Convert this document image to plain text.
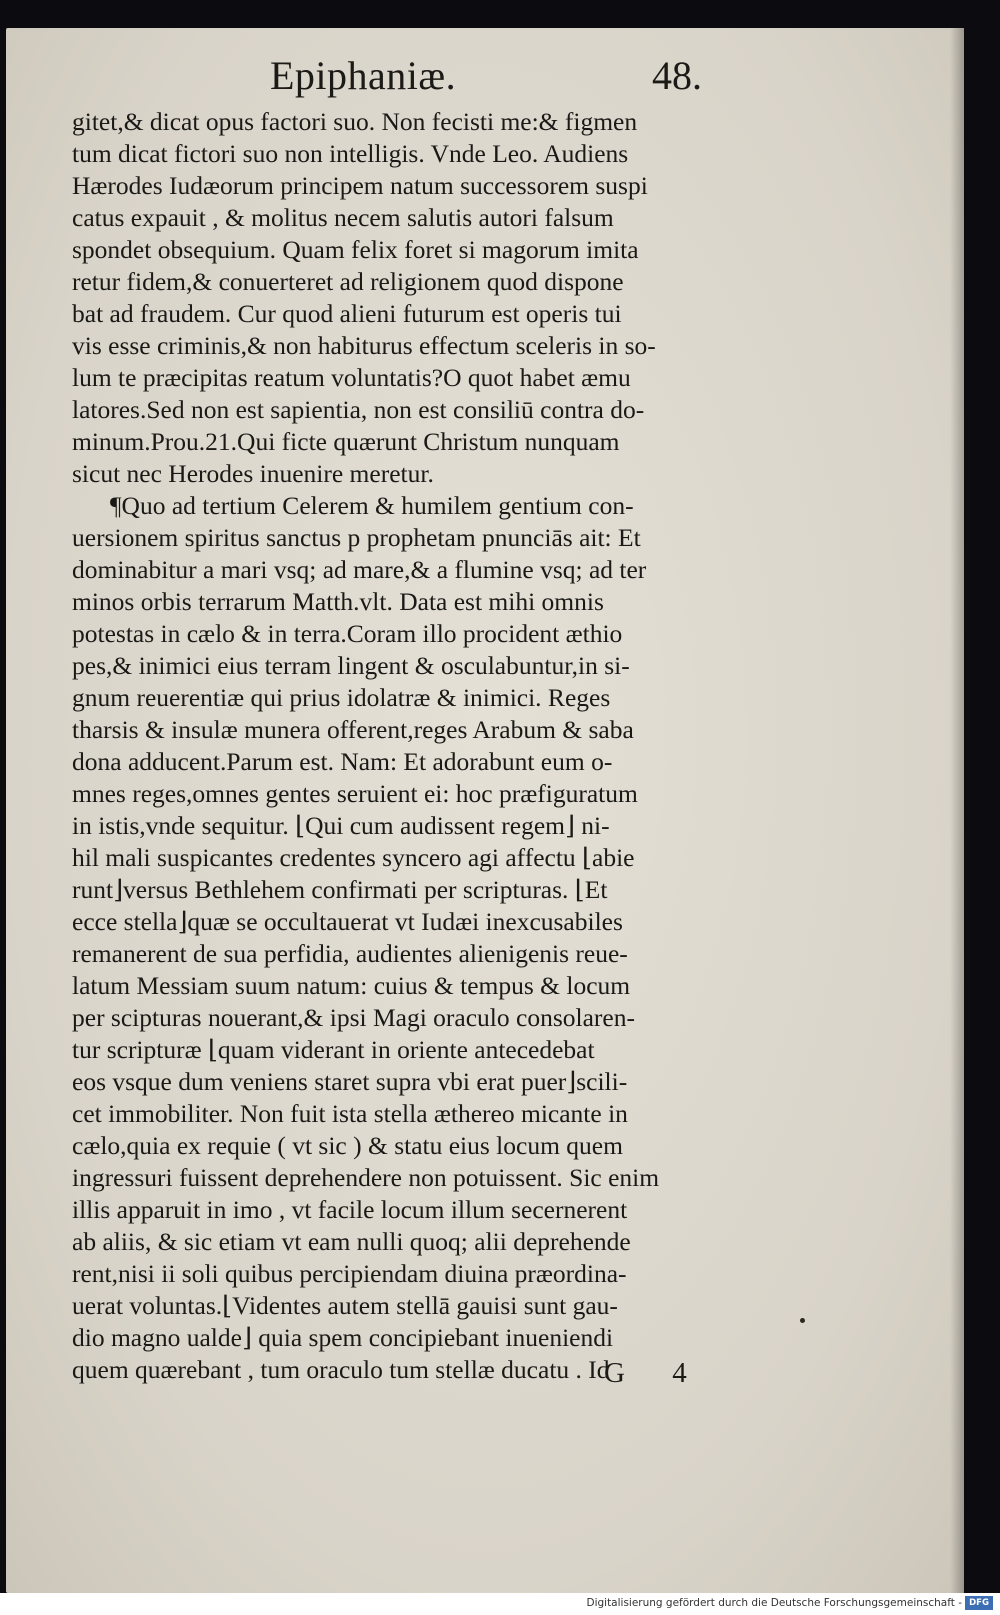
Epiphaniæ.	48.
gitet,& dicat opus factori suo. Non fecisti me:& figmen
tum dicat fictori suo non intelligis. Vnde Leo. Audiens
Hærodes Iudæorum principem natum successorem suspi
catus expauit , & molitus necem salutis autori falsum
spondet obsequium. Quam felix foret si magorum imita
retur fidem,& conuerteret ad religionem quod dispone
bat ad fraudem. Cur quod alieni futurum est operis tui
vis esse criminis,& non habiturus effectum sceleris in so-
lum te præcipitas reatum voluntatis?O quot habet æmu
latores.Sed non est sapientia, non est consiliū contra do-
minum.Prou.21.Qui ficte quærunt Christum nunquam
sicut nec Herodes inuenire meretur.
¶Quo ad tertium Celerem & humilem gentium con-
uersionem spiritus sanctus p prophetam pnunciās ait: Et
dominabitur a mari vsq; ad mare,& a flumine vsq; ad ter
minos orbis terrarum Matth.vlt. Data est mihi omnis
potestas in cælo & in terra.Coram illo procident æthio
pes,& inimici eius terram lingent & osculabuntur,in si-
gnum reuerentiæ qui prius idolatræ & inimici. Reges
tharsis & insulæ munera offerent,reges Arabum & saba
dona adducent.Parum est. Nam: Et adorabunt eum o-
mnes reges,omnes gentes seruient ei: hoc præfiguratum
in istis,vnde sequitur. ⌊Qui cum audissent regem⌋ ni-
hil mali suspicantes credentes syncero agi affectu ⌊abie
runt⌋versus Bethlehem confirmati per scripturas. ⌊Et
ecce stella⌋quæ se occultauerat vt Iudæi inexcusabiles
remanerent de sua perfidia, audientes alienigenis reue-
latum Messiam suum natum: cuius & tempus & locum
per scipturas nouerant,& ipsi Magi oraculo consolaren-
tur scripturæ ⌊quam viderant in oriente antecedebat
eos vsque dum veniens staret supra vbi erat puer⌋scili-
cet immobiliter. Non fuit ista stella æthereo micante in
cælo,quia ex requie ( vt sic ) & statu eius locum quem
ingressuri fuissent deprehendere non potuissent. Sic enim
illis apparuit in imo , vt facile locum illum secernerent
ab aliis, & sic etiam vt eam nulli quoq; alii deprehende
rent,nisi ii soli quibus percipiendam diuina præordina-
uerat voluntas.⌊Videntes autem stellā gauisi sunt gau-
dio magno ualde⌋ quia spem concipiebant inueniendi
quem quærebant , tum oraculo tum stellæ ducatu . Id
G 4
Digitalisierung gefördert durch die Deutsche Forschungsgemeinschaft - DFG
